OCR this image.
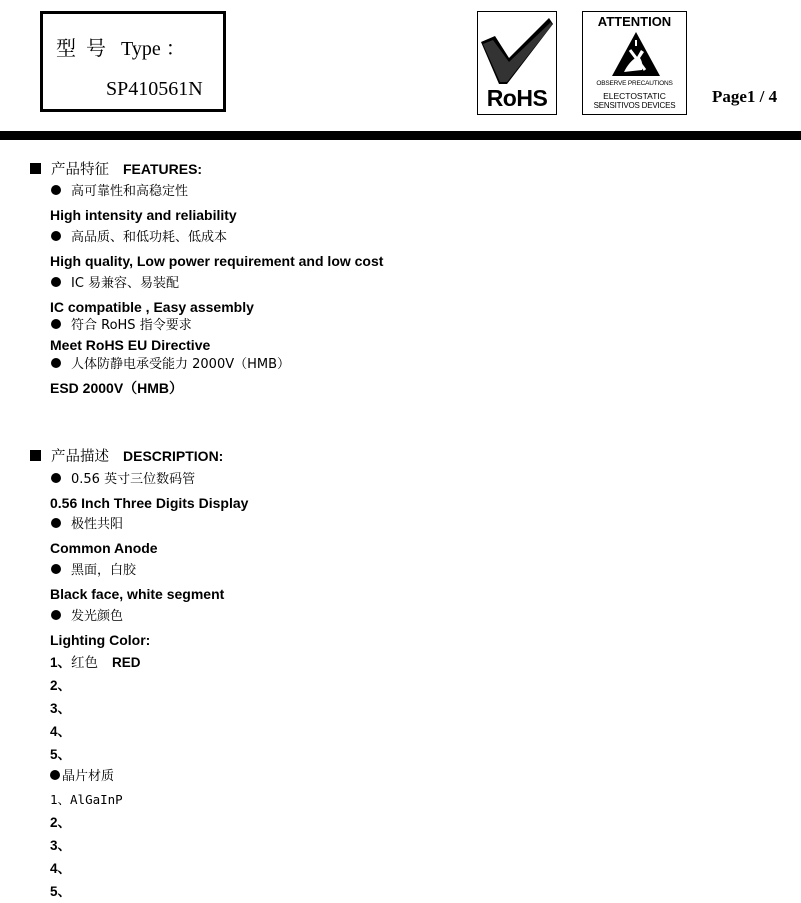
型号 Type ：
SP410561N	RoHS
ATTENTION
OBSERVE PRECAUTIONS
ELECTOSTATIC
SENSITIVOS DEVICES	Page1 / 4
产品特征 FEATURES:
高可靠性和高稳定性
High intensity and reliability
高品质、和低功耗、低成本
High quality, Low power requirement and low cost
IC 易兼容、易装配
IC compatible , Easy assembly
符合 RoHS 指令要求
Meet RoHS EU Directive
人体防静电承受能力 2000V（HMB）
ESD 2000V（HMB）
产品描述 DESCRIPTION:
0.56 英寸三位数码管
0.56 Inch Three Digits Display
极性共阳
Common Anode
黑面，白胶
Black face, white segment
发光颜色
Lighting Color:
1、红色 RED
2、
3、
4、
5、
晶片材质
1、AlGaInP
2、
3、
4、
5、
